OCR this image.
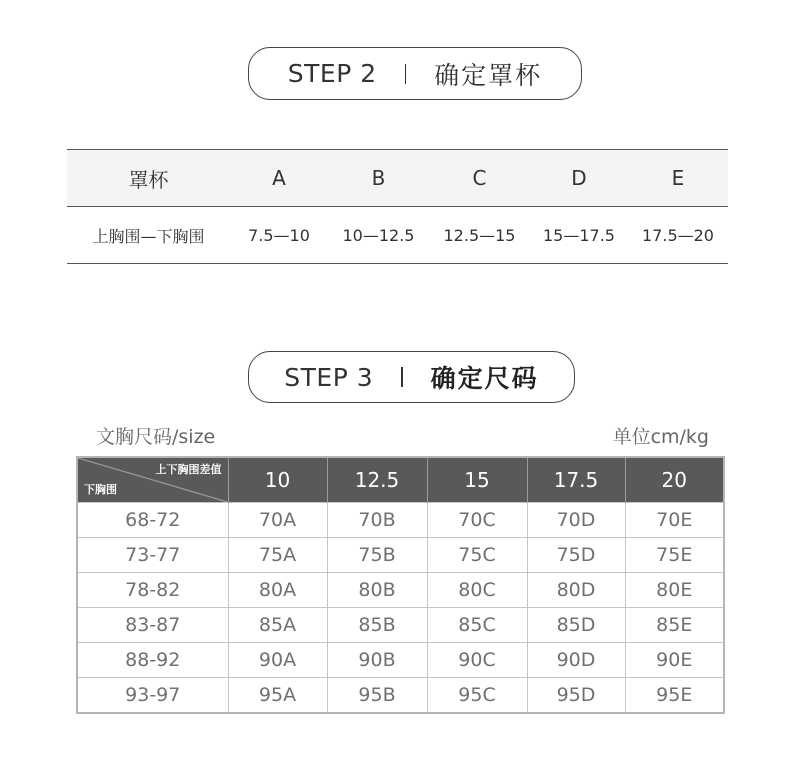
STEP 2 确定罩杯
罩杯	A	B	C	D	E
上胸围—下胸围	7.5—10	10—12.5	12.5—15	15—17.5	17.5—20
STEP 3 确定尺码
文胸尺码/size	单位cm/kg
上下胸围差值
下胸围	10	12.5	15	17.5	20
68-72	70A	70B	70C	70D	70E
73-77	75A	75B	75C	75D	75E
78-82	80A	80B	80C	80D	80E
83-87	85A	85B	85C	85D	85E
88-92	90A	90B	90C	90D	90E
93-97	95A	95B	95C	95D	95E
